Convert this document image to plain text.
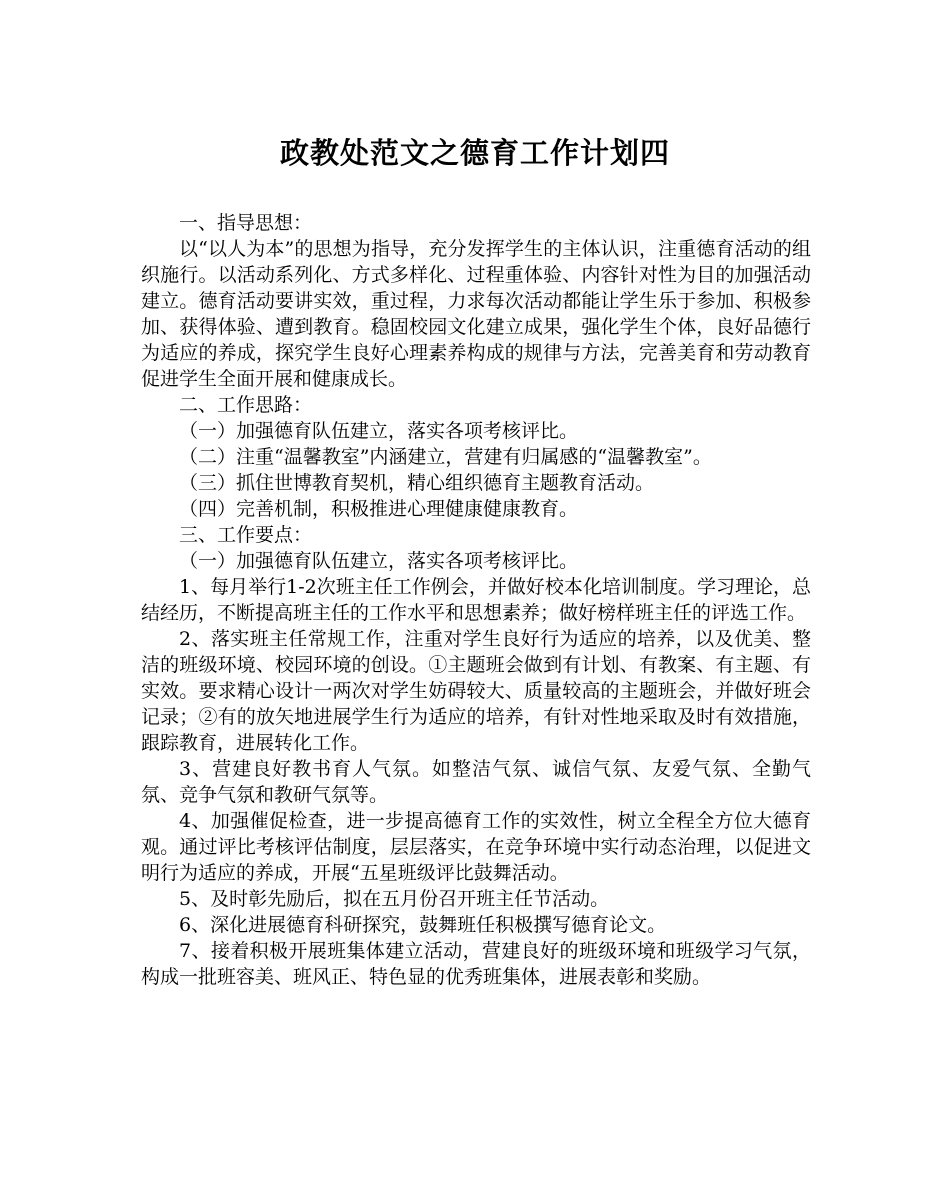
政教处范文之德育工作计划四

一、指导思想：

以“以人为本”的思想为指导，充分发挥学生的主体认识，注重德育活动的组织施行。以活动系列化、方式多样化、过程重体验、内容针对性为目的加强活动建立。德育活动要讲实效，重过程，力求每次活动都能让学生乐于参加、积极参加、获得体验、遭到教育。稳固校园文化建立成果，强化学生个体，良好品德行为适应的养成，探究学生良好心理素养构成的规律与方法，完善美育和劳动教育促进学生全面开展和健康成长。

二、工作思路：

（一）加强德育队伍建立，落实各项考核评比。

（二）注重“温馨教室”内涵建立，营建有归属感的“温馨教室”。

（三）抓住世博教育契机，精心组织德育主题教育活动。

（四）完善机制，积极推进心理健康健康教育。

三、工作要点：

（一）加强德育队伍建立，落实各项考核评比。

1、每月举行1-2次班主任工作例会，并做好校本化培训制度。学习理论，总结经历，不断提高班主任的工作水平和思想素养；做好榜样班主任的评选工作。

2、落实班主任常规工作，注重对学生良好行为适应的培养，以及优美、整洁的班级环境、校园环境的创设。①主题班会做到有计划、有教案、有主题、有实效。要求精心设计一两次对学生妨碍较大、质量较高的主题班会，并做好班会记录；②有的放矢地进展学生行为适应的培养，有针对性地采取及时有效措施，跟踪教育，进展转化工作。

3、营建良好教书育人气氛。如整洁气氛、诚信气氛、友爱气氛、全勤气氛、竞争气氛和教研气氛等。

4、加强催促检查，进一步提高德育工作的实效性，树立全程全方位大德育观。通过评比考核评估制度，层层落实，在竞争环境中实行动态治理，以促进文明行为适应的养成，开展“五星班级评比鼓舞活动。

5、及时彰先励后，拟在五月份召开班主任节活动。

6、深化进展德育科研探究，鼓舞班任积极撰写德育论文。

7、接着积极开展班集体建立活动，营建良好的班级环境和班级学习气氛，构成一批班容美、班风正、特色显的优秀班集体，进展表彰和奖励。
